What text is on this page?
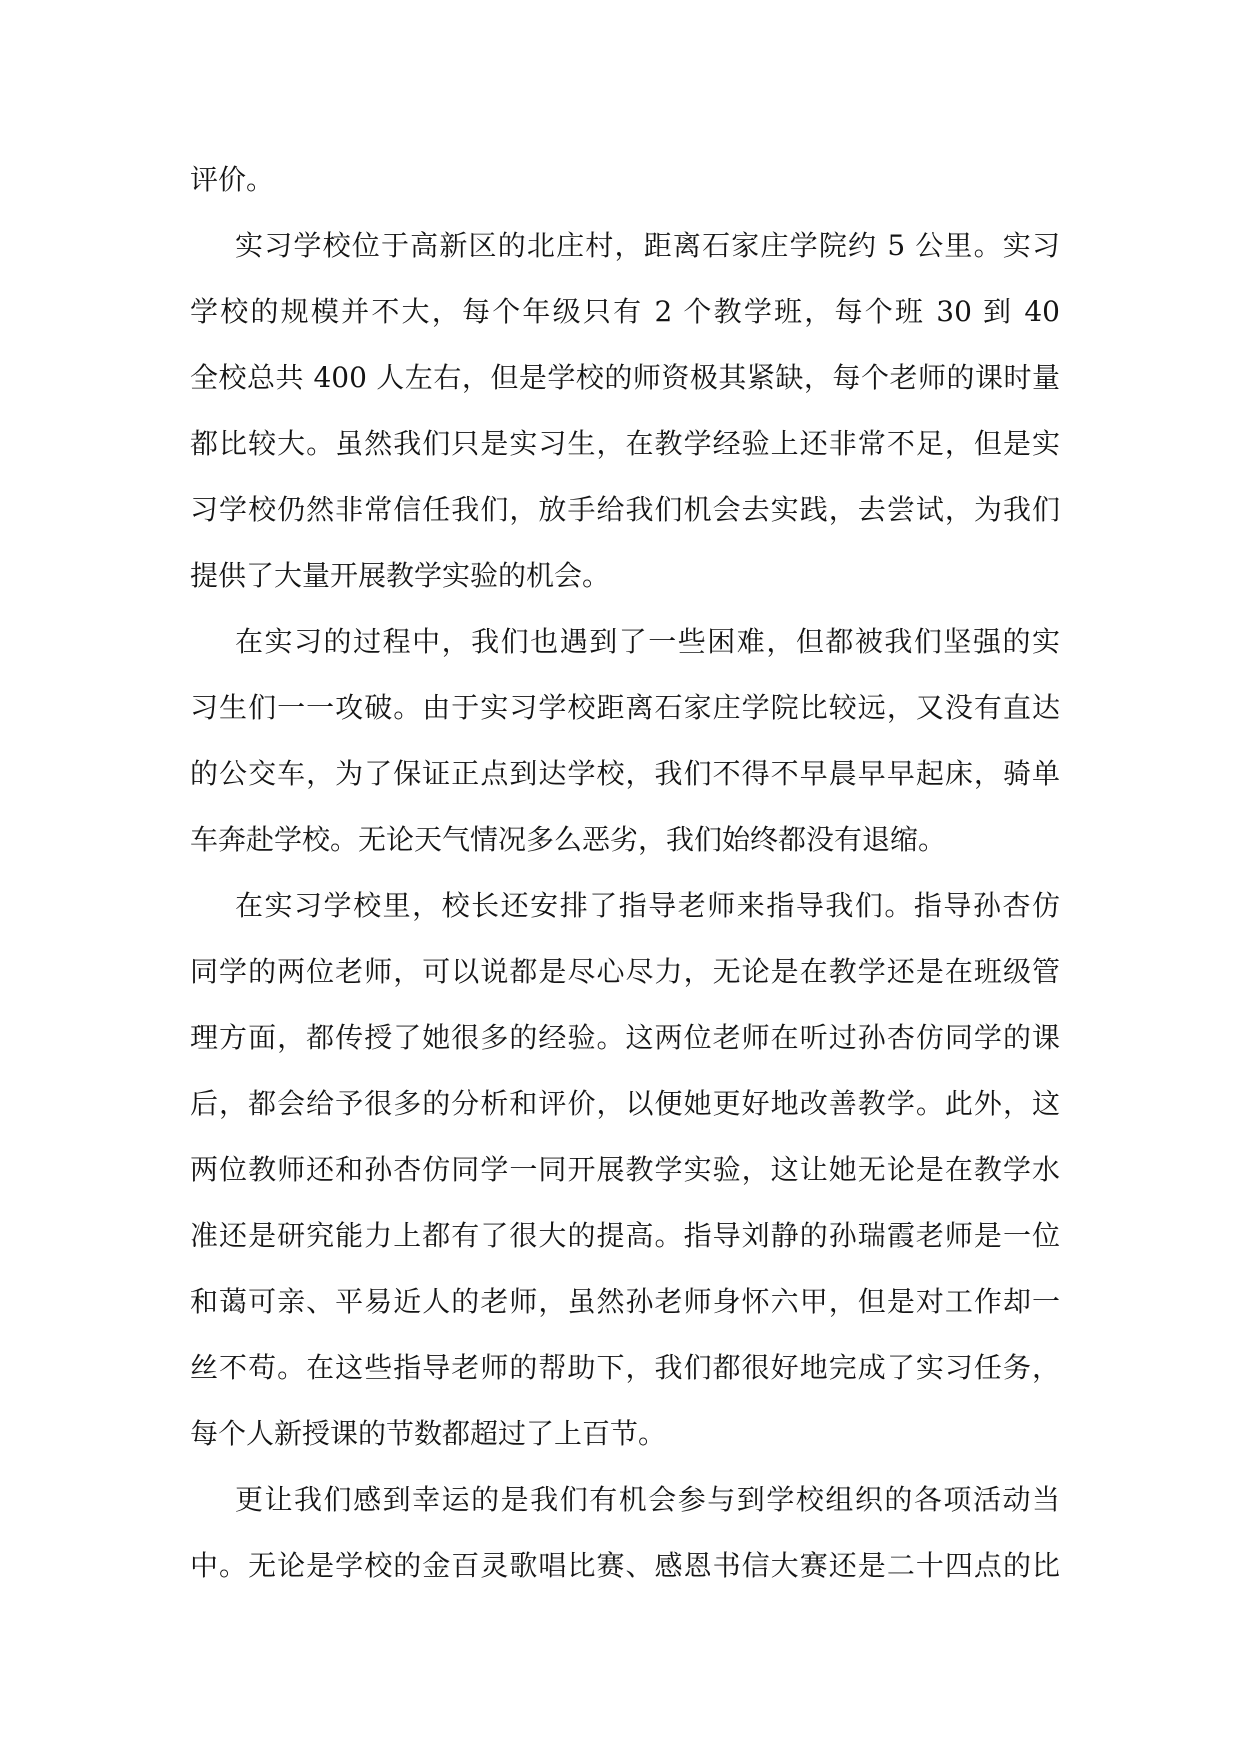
评价。
实习学校位于高新区的北庄村，距离石家庄学院约 5 公里。实习
学校的规模并不大，每个年级只有 2 个教学班，每个班 30 到 40
全校总共 400 人左右，但是学校的师资极其紧缺，每个老师的课时量
都比较大。虽然我们只是实习生，在教学经验上还非常不足，但是实
习学校仍然非常信任我们，放手给我们机会去实践，去尝试，为我们
提供了大量开展教学实验的机会。
在实习的过程中，我们也遇到了一些困难，但都被我们坚强的实
习生们一一攻破。由于实习学校距离石家庄学院比较远，又没有直达
的公交车，为了保证正点到达学校，我们不得不早晨早早起床，骑单
车奔赴学校。无论天气情况多么恶劣，我们始终都没有退缩。
在实习学校里，校长还安排了指导老师来指导我们。指导孙杏仿
同学的两位老师，可以说都是尽心尽力，无论是在教学还是在班级管
理方面，都传授了她很多的经验。这两位老师在听过孙杏仿同学的课
后，都会给予很多的分析和评价，以便她更好地改善教学。此外，这
两位教师还和孙杏仿同学一同开展教学实验，这让她无论是在教学水
准还是研究能力上都有了很大的提高。指导刘静的孙瑞霞老师是一位
和蔼可亲、平易近人的老师，虽然孙老师身怀六甲，但是对工作却一
丝不苟。在这些指导老师的帮助下，我们都很好地完成了实习任务，
每个人新授课的节数都超过了上百节。
更让我们感到幸运的是我们有机会参与到学校组织的各项活动当
中。无论是学校的金百灵歌唱比赛、感恩书信大赛还是二十四点的比
